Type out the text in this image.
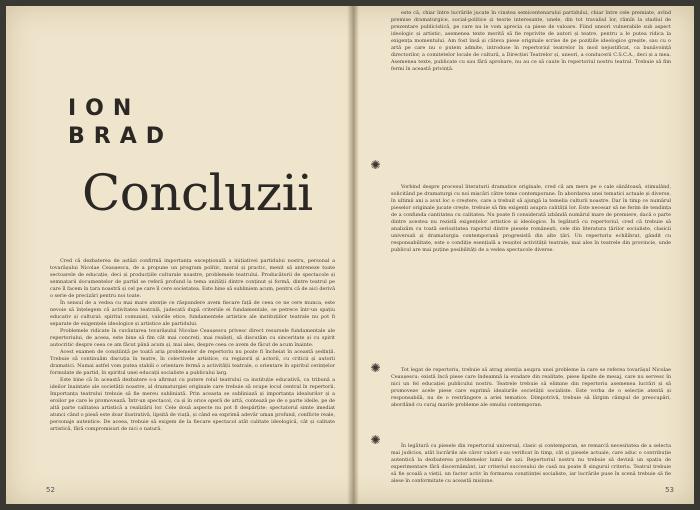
ION
BRAD
Concluzii

Cred că dezbaterea de astăzi confirmă importanța excepțională a inițiativei partidului nostru, personal a tovarășului Nicolae Ceaușescu, de a propune un program politic, moral și practic, menit să antreneze toate sectoarele de educație, deci și producțiile culturale noastre, problemele teatrului. Producătorii de spectacole și semnatarii documentelor de partid se referă profund la tema unității dintre conținut și formă, dintre teatrul pe care îl facem în țara noastră și cel pe care îl cere societatea. Este bine să subliniem acum, pentru că de aici derivă o serie de precizări pentru noi toate.

În sensul de a vedea cu mai mare atenție ce răspundere avem fiecare față de ceea ce ne cere munca, este nevoie să înțelegem că activitatea teatrală, judecată după criteriile ei fundamentale, se petrece într-un spațiu educativ și cultural: spiritul comunist, valorile etice, fundamentele artistice ale instituțiilor teatrale nu pot fi separate de exigențele ideologice și artistice ale partidului.

Problemele ridicate în cuvântarea tovarășului Nicolae Ceaușescu privesc direct resursele fundamentale ale repertoriului, de aceea, este bine să fim cât mai concreți, mai realiști, să discutăm cu sinceritate și cu spirit autocritic despre ceea ce am făcut până acum și, mai ales, despre ceea ce avem de făcut de acum înainte.

Acest examen de conștiință pe toată aria problemelor de repertoriu nu poate fi încheiat în această ședință. Trebuie să continuăm discuția în teatre, în colectivele artistice, cu regizorii și actorii, cu criticii și autorii dramatici. Numai astfel vom putea stabili o orientare fermă a activității teatrale, o orientare în spiritul cerințelor formulate de partid, în spiritul unei educații socialiste a publicului larg.

Este bine că în această dezbatere s-a afirmat cu putere rolul teatrului ca instituție educativă, ca tribună a ideilor înaintate ale societății noastre, al dramaturgiei originale care trebuie să ocupe locul central în repertorii. Importanța teatrului trebuie să fie mereu subliniată. Prin aceasta se subliniază și importanța idealurilor și a eroilor pe care le promovează. Într-un spectacol, ca și în orice operă de artă, contează pe de o parte ideile, pe de altă parte calitatea artistică a realizării lor. Cele două aspecte nu pot fi despărțite: spectatorul simte imediat atunci când o piesă este doar ilustrativă, lipsită de viață, și când ea exprimă adevăr uman profund, conflicte reale, personaje autentice. De aceea, trebuie să exigem de la fiecare spectacol atât calitate ideologică, cât și calitate artistică, fără compromisuri de nici o natură.

52

este că, chiar între lucrările jucate în cinstea semicentenarului partidului, chiar între cele premiate, avînd premise dramaturgice, social-politice și teorie interesante, unele, din tot travaliul lor, rămîn la stadiul de prezentare publicistică, pe care nu le vom aprecia ca piese de valoare. Fiind uneori vulnerabile sub aspect ideologic și artistic, asemenea texte merită să fie reprivite de autori și teatre, pentru a le putea ridica la exigența momentului. Am fost însă și câteva piese originale scrise de pe pozițiile ideologice greșite, sau cu o artă pe care nu o putem admite, introduse în repertoriul teatrelor în mod nejustificat, ca bunăvoință directorilor, a comitetelor locale de cultură, a Direcției Teatrelor și, uneori, a conducerii C.S.C.A., deci și a mea. Asemenea texte, publicate cu sau fără aprobare, nu au ce să caute în repertoriul nostru teatral. Trebuie să fim fermi în această privință.

✺

Vorbind despre procesul literaturii dramatice originale, cred că am mers pe o cale sănătoasă, stimulând, solicitând pe dramaturgi cu noi mișcări către teme contemporane. În abordarea unei tematici actuale și diverse, în ultimii ani a avut loc o creștere, care a trebuit să ajungă la temelia culturii noastre. Dar în timp ce numărul pieselor originale jucate crește, trebuie să fim exigenți asupra calității lor. Este necesar să ne ferim de tendința de a confunda cantitatea cu calitatea. Nu poate fi considerată izbândă numărul mare de premiere, dacă o parte dintre acestea nu rezistă exigențelor artistice și ideologice. În legătură cu repertoriul, cred că trebuie să analizăm cu toată seriozitatea raportul dintre piesele românești, cele din literatura țărilor socialiste, clasicii universali și dramaturgia contemporană progresistă din alte țări. Un repertoriu echilibrat, gândit cu responsabilitate, este o condiție esențială a reușitei activității teatrale, mai ales în teatrele din provincie, unde publicul are mai puține posibilități de a vedea spectacole diverse.

✺	Tot legat de repertoriu, trebuie să atrag atenția asupra unei probleme la care se referea tovarășul Nicolae Ceaușescu: există încă piese care îndeamnă la evadare din realitate, piese lipsite de mesaj, care nu servesc în nici un fel educației publicului nostru. Teatrele trebuie să elimine din repertoriu asemenea lucrări și să promoveze acele piese care exprimă idealurile societății socialiste. Este vorba de o selecție atentă și responsabilă, nu de o restrângere a ariei tematice. Dimpotrivă, trebuie să lărgim câmpul de preocupări, abordând cu curaj marile probleme ale omului contemporan.

✺	În legătură cu piesele din repertoriul universal, clasic și contemporan, se remarcă necesitatea de a selecta mai judicios, atât lucrările ale căror valori s-au verificat în timp, cât și piesele actuale, care aduc o contribuție autentică la dezbaterea problemelor lumii de azi. Repertoriul nostru nu trebuie să devină un spațiu de experimentare fără discernământ, iar criteriul succesului de casă nu poate fi singurul criteriu. Teatrul trebuie să fie școală a vieții, un factor activ în formarea conștiinței socialiste, iar lucrările puse în scenă trebuie să fie alese în conformitate cu această misiune.

53
